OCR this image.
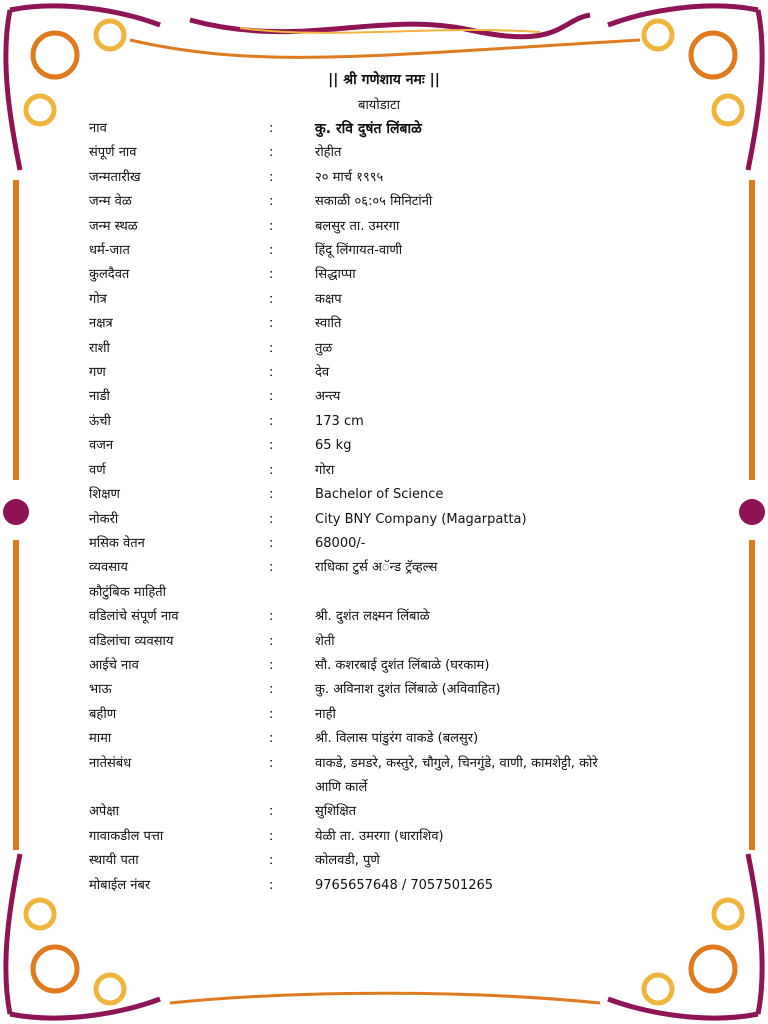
|| श्री गणेशाय नमः ||
बायोडाटा
नाव	:	कु. रवि दुषंत लिंबाळे
संपूर्ण नाव	:	रोहीत
जन्मतारीख	:	२० मार्च १९९५
जन्म वेळ	:	सकाळी ०६:०५ मिनिटांनी
जन्म स्थळ	:	बलसुर ता. उमरगा
धर्म-जात	:	हिंदू लिंगायत-वाणी
कुलदैवत	:	सिद्धाप्पा
गोत्र	:	कक्षप
नक्षत्र	:	स्वाति
राशी	:	तुळ
गण	:	देव
नाडी	:	अन्त्य
ऊंची	:	173 cm
वजन	:	65 kg
वर्ण	:	गोरा
शिक्षण	:	Bachelor of Science
नोकरी	:	City BNY Company (Magarpatta)
मसिक वेतन	:	68000/-
व्यवसाय	:	राधिका टुर्स अॅन्ड ट्रॅव्हल्स
कौटुंबिक माहिती
वडिलांचे संपूर्ण नाव	:	श्री. दुशंत लक्ष्मन लिंबाळे
वडिलांचा व्यवसाय	:	शेती
आईचे नाव	:	सौ. कशरबाई दुशंत लिंबाळे (घरकाम)
भाऊ	:	कु. अविनाश दुशंत लिंबाळे (अविवाहित)
बहीण	:	नाही
मामा	:	श्री. विलास पांडुरंग वाकडे (बलसुर)
नातेसंबंध	:	वाकडे, डमडरे, कस्तुरे, चौगुले, चिनगुंडे, वाणी, कामशेट्टी, कोरे
आणि कार्ले
अपेक्षा	:	सुशिक्षित
गावाकडील पत्ता	:	येळी ता. उमरगा (धाराशिव)
स्थायी पता	:	कोलवडी, पुणे
मोबाईल नंबर	:	9765657648 / 7057501265
